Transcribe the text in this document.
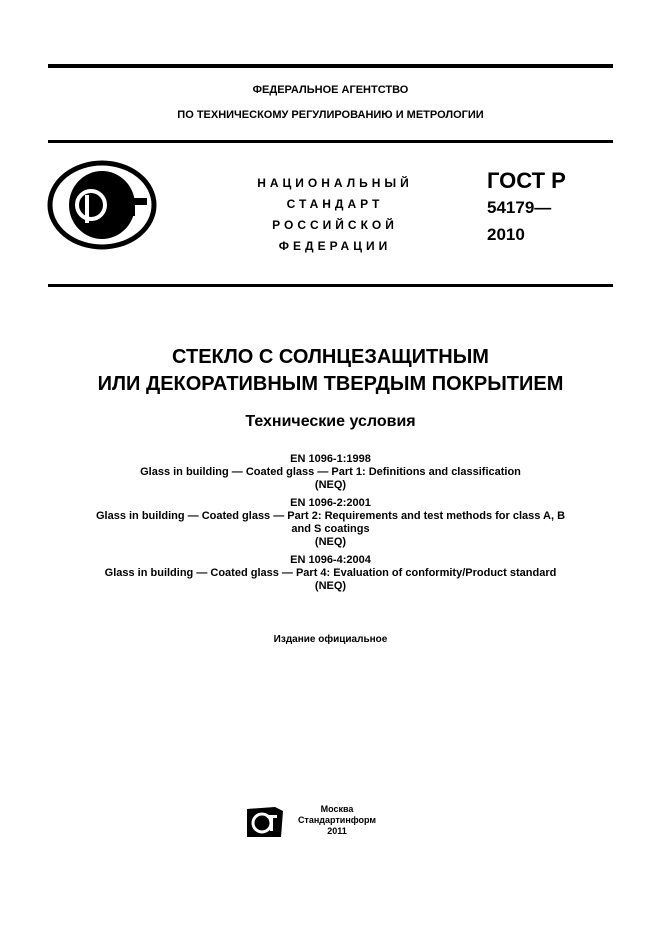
ФЕДЕРАЛЬНОЕ АГЕНТСТВО
ПО ТЕХНИЧЕСКОМУ РЕГУЛИРОВАНИЮ И МЕТРОЛОГИИ
НАЦИОНАЛЬНЫЙ
СТАНДАРТ
РОССИЙСКОЙ
ФЕДЕРАЦИИ
ГОСТ Р
54179—
2010
СТЕКЛО С СОЛНЦЕЗАЩИТНЫМ
ИЛИ ДЕКОРАТИВНЫМ ТВЕРДЫМ ПОКРЫТИЕМ
Технические условия
EN 1096-1:1998
Glass in building — Coated glass — Part 1: Definitions and classification
(NEQ)
EN 1096-2:2001
Glass in building — Coated glass — Part 2: Requirements and test methods for class A, B
and S coatings
(NEQ)
EN 1096-4:2004
Glass in building — Coated glass — Part 4: Evaluation of conformity/Product standard
(NEQ)
Издание официальное
Москва
Стандартинформ
2011
